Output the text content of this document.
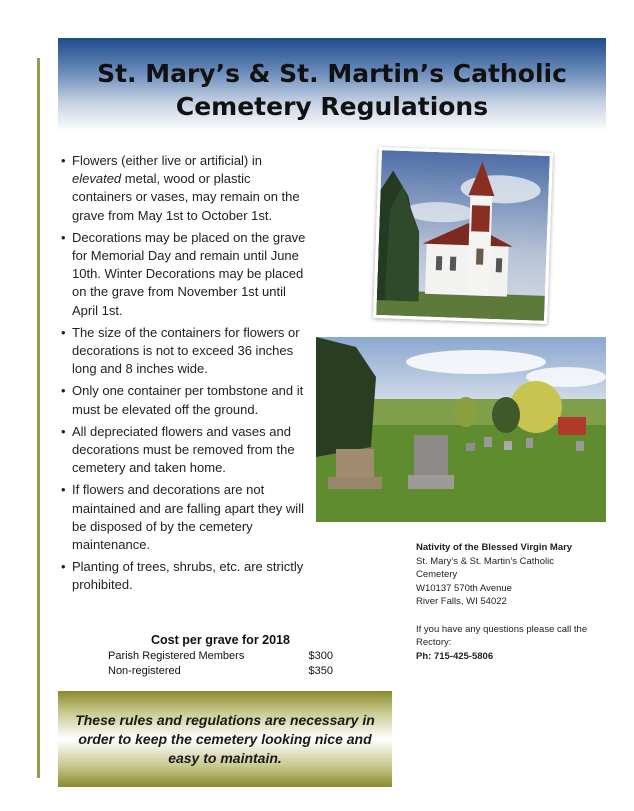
St. Mary’s & St. Martin’s Catholic
Cemetery Regulations
• Flowers (either live or artificial) in elevated metal, wood or plastic containers or vases, may remain on the grave from May 1st to October 1st.
• Decorations may be placed on the grave for Memorial Day and remain until June 10th. Winter Decorations may be placed on the grave from November 1st until April 1st.
• The size of the containers for flowers or decorations is not to exceed 36 inches long and 8 inches wide.
• Only one container per tombstone and it must be elevated off the ground.
• All depreciated flowers and vases and decorations must be removed from the cemetery and taken home.
• If flowers and decorations are not maintained and are falling apart they will be disposed of by the cemetery maintenance.
• Planting of trees, shrubs, etc. are strictly prohibited.
Nativity of the Blessed Virgin Mary
St. Mary’s & St. Martin’s Catholic
Cemetery
W10137 570th Avenue
River Falls, WI 54022
If you have any questions please call the Rectory:
Ph: 715-425-5806
Cost per grave for 2018
Parish Registered Members	$300
Non-registered	$350

These rules and regulations are necessary in order to keep the cemetery looking nice and easy to maintain.
